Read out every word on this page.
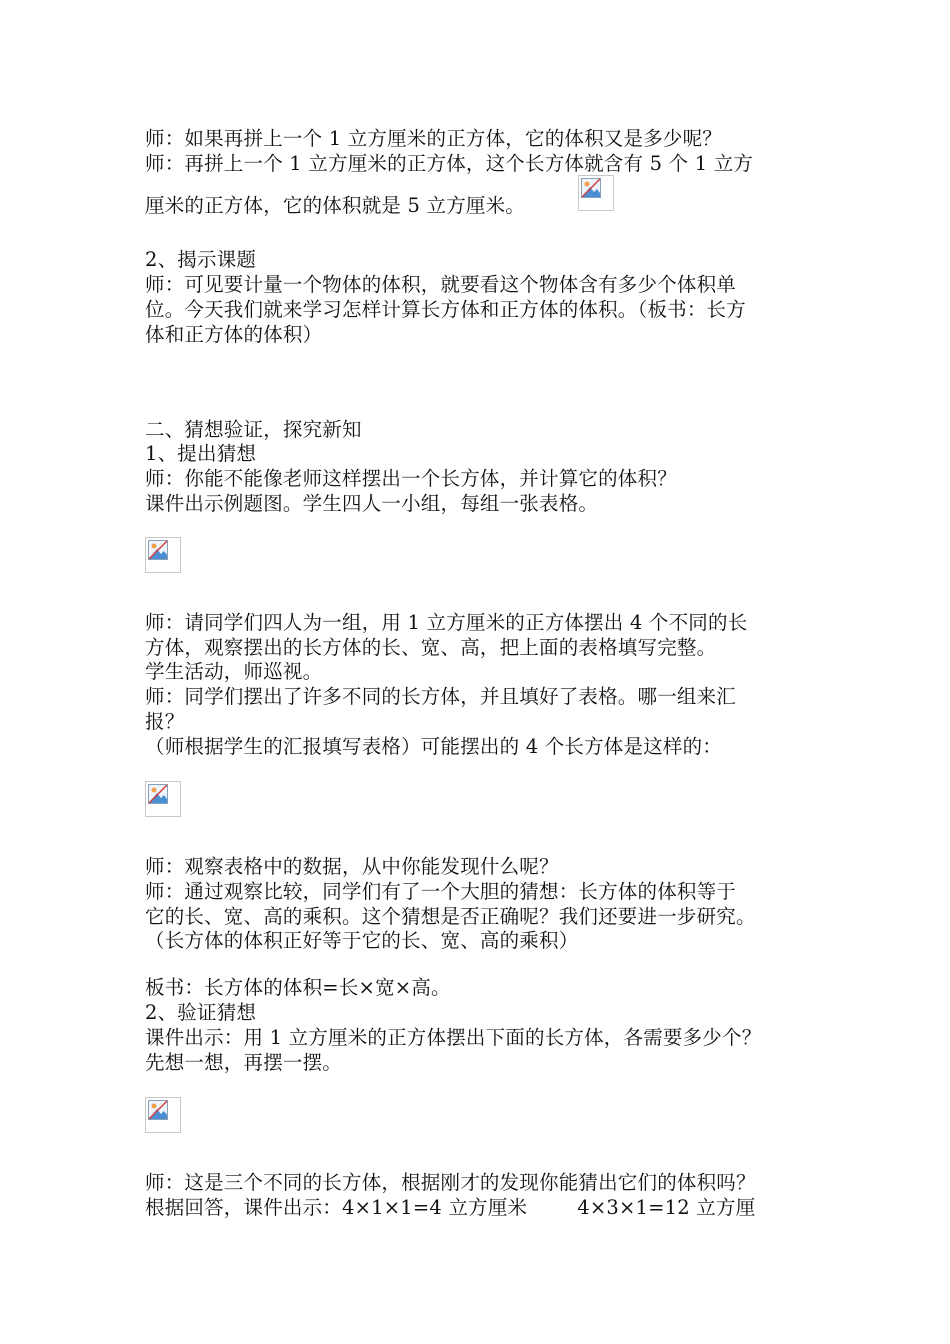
师：如果再拼上一个 1 立方厘米的正方体，它的体积又是多少呢？
师：再拼上一个 1 立方厘米的正方体，这个长方体就含有 5 个 1 立方
厘米的正方体，它的体积就是 5 立方厘米。
2、揭示课题
师：可见要计量一个物体的体积，就要看这个物体含有多少个体积单
位。今天我们就来学习怎样计算长方体和正方体的体积。（板书：长方
体和正方体的体积）
二、猜想验证，探究新知
1、提出猜想
师：你能不能像老师这样摆出一个长方体，并计算它的体积？
课件出示例题图。学生四人一小组，每组一张表格。
师：请同学们四人为一组，用 1 立方厘米的正方体摆出 4 个不同的长
方体，观察摆出的长方体的长、宽、高，把上面的表格填写完整。
学生活动，师巡视。
师：同学们摆出了许多不同的长方体，并且填好了表格。哪一组来汇
报？
（师根据学生的汇报填写表格）可能摆出的 4 个长方体是这样的：
师：观察表格中的数据，从中你能发现什么呢？
师：通过观察比较，同学们有了一个大胆的猜想：长方体的体积等于
它的长、宽、高的乘积。这个猜想是否正确呢？我们还要进一步研究。
（长方体的体积正好等于它的长、宽、高的乘积）
板书：长方体的体积=长×宽×高。
2、验证猜想
课件出示：用 1 立方厘米的正方体摆出下面的长方体，各需要多少个？
先想一想，再摆一摆。
师：这是三个不同的长方体，根据刚才的发现你能猜出它们的体积吗？
根据回答，课件出示：4×1×1=4 立方厘米	4×3×1=12 立方厘
